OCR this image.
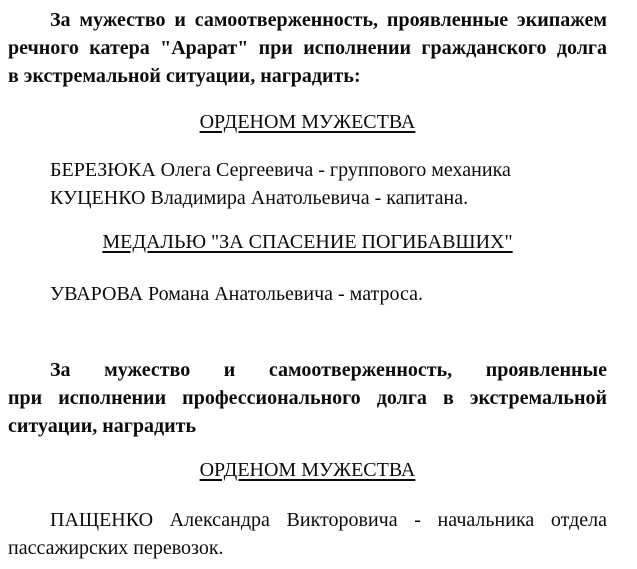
За мужество и самоотверженность, проявленные экипажем
речного катера "Арарат" при исполнении гражданского долга
в экстремальной ситуации, наградить:
ОРДЕНОМ МУЖЕСТВА
БЕРЕЗЮКА Олега Сергеевича - группового механика
КУЦЕНКО Владимира Анатольевича - капитана.
МЕДАЛЬЮ "ЗА СПАСЕНИЕ ПОГИБАВШИХ"
УВАРОВА Романа Анатольевича - матроса.
За мужество и самоотверженность, проявленные
при исполнении профессионального долга в экстремальной
ситуации, наградить
ОРДЕНОМ МУЖЕСТВА
ПАЩЕНКО Александра Викторовича - начальника отдела
пассажирских перевозок.
